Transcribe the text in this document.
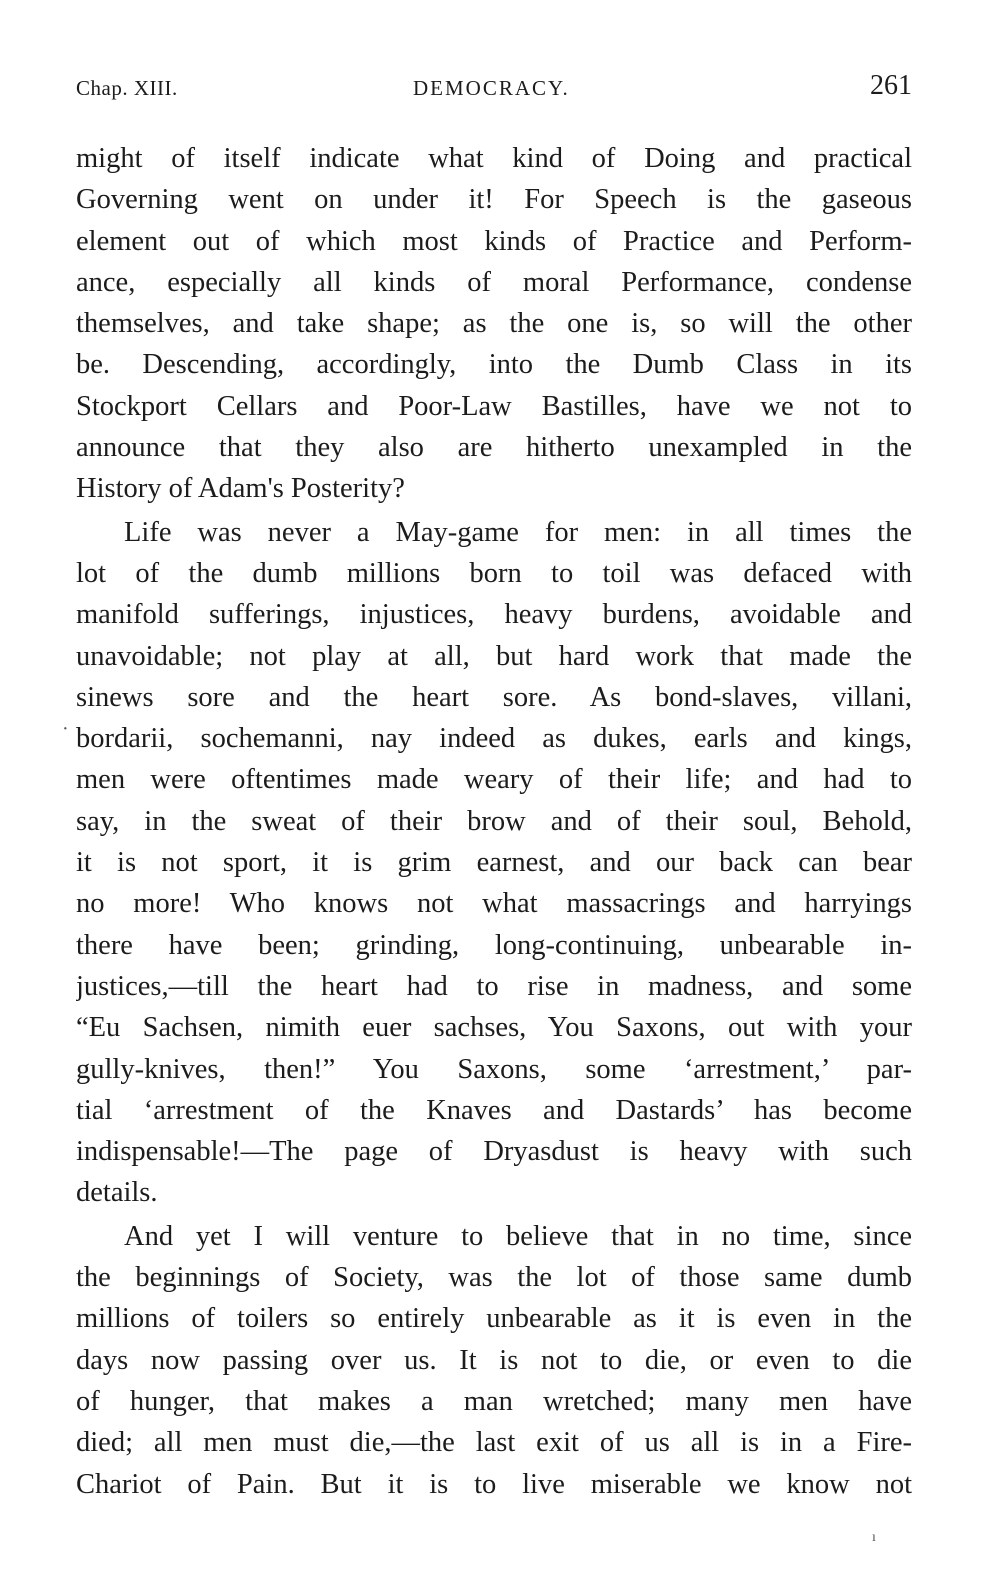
Chap. XIII.	DEMOCRACY.	261
might of itself indicate what kind of Doing and practical
Governing went on under it! For Speech is the gaseous
element out of which most kinds of Practice and Perform-
ance, especially all kinds of moral Performance, condense
themselves, and take shape; as the one is, so will the other
be. Descending, accordingly, into the Dumb Class in its
Stockport Cellars and Poor-Law Bastilles, have we not to
announce that they also are hitherto unexampled in the
History of Adam's Posterity?
Life was never a May-game for men: in all times the
lot of the dumb millions born to toil was defaced with
manifold sufferings, injustices, heavy burdens, avoidable and
unavoidable; not play at all, but hard work that made the
sinews sore and the heart sore. As bond-slaves, villani,
bordarii, sochemanni, nay indeed as dukes, earls and kings,
men were oftentimes made weary of their life; and had to
say, in the sweat of their brow and of their soul, Behold,
it is not sport, it is grim earnest, and our back can bear
no more! Who knows not what massacrings and harryings
there have been; grinding, long-continuing, unbearable in-
justices,—till the heart had to rise in madness, and some
“Eu Sachsen, nimith euer sachses, You Saxons, out with your
gully-knives, then!” You Saxons, some ‘arrestment,’ par-
tial ‘arrestment of the Knaves and Dastards’ has become
indispensable!—The page of Dryasdust is heavy with such
details.
And yet I will venture to believe that in no time, since
the beginnings of Society, was the lot of those same dumb
millions of toilers so entirely unbearable as it is even in the
days now passing over us. It is not to die, or even to die
of hunger, that makes a man wretched; many men have
died; all men must die,—the last exit of us all is in a Fire-
Chariot of Pain. But it is to live miserable we know not
·
ı
